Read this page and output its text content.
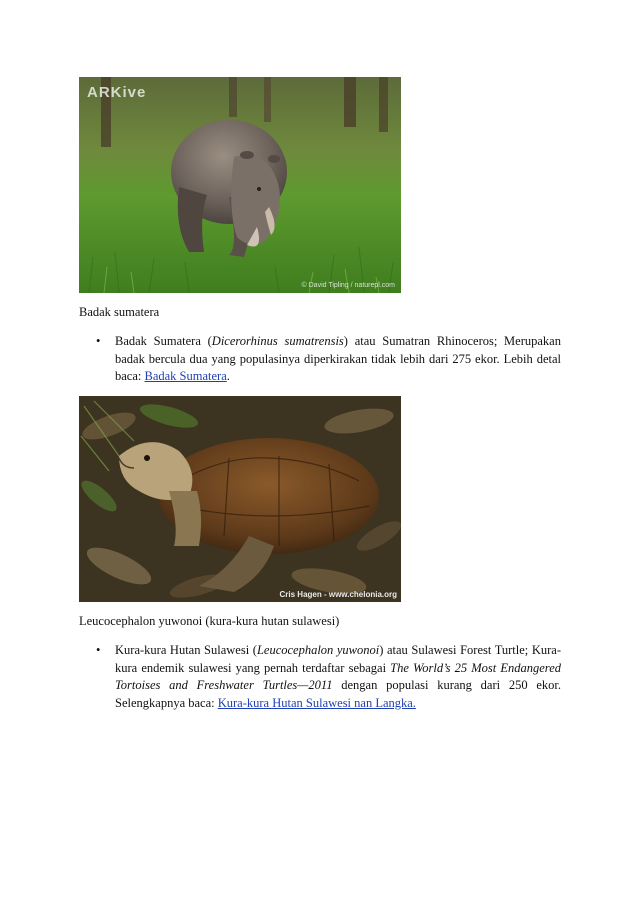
ARKive
© David Tipling / naturepl.com

Badak sumatera

• Badak Sumatera (Dicerorhinus sumatrensis) atau Sumatran Rhinoceros; Merupakan badak bercula dua yang populasinya diperkirakan tidak lebih dari 275 ekor. Lebih detal baca: Badak Sumatera.
Cris Hagen - www.chelonia.org

Leucocephalon yuwonoi (kura-kura hutan sulawesi)

• Kura-kura Hutan Sulawesi (Leucocephalon yuwonoi) atau Sulawesi Forest Turtle; Kura-kura endemik sulawesi yang pernah terdaftar sebagai The World’s 25 Most Endangered Tortoises and Freshwater Turtles—2011 dengan populasi kurang dari 250 ekor. Selengkapnya baca: Kura-kura Hutan Sulawesi nan Langka.
